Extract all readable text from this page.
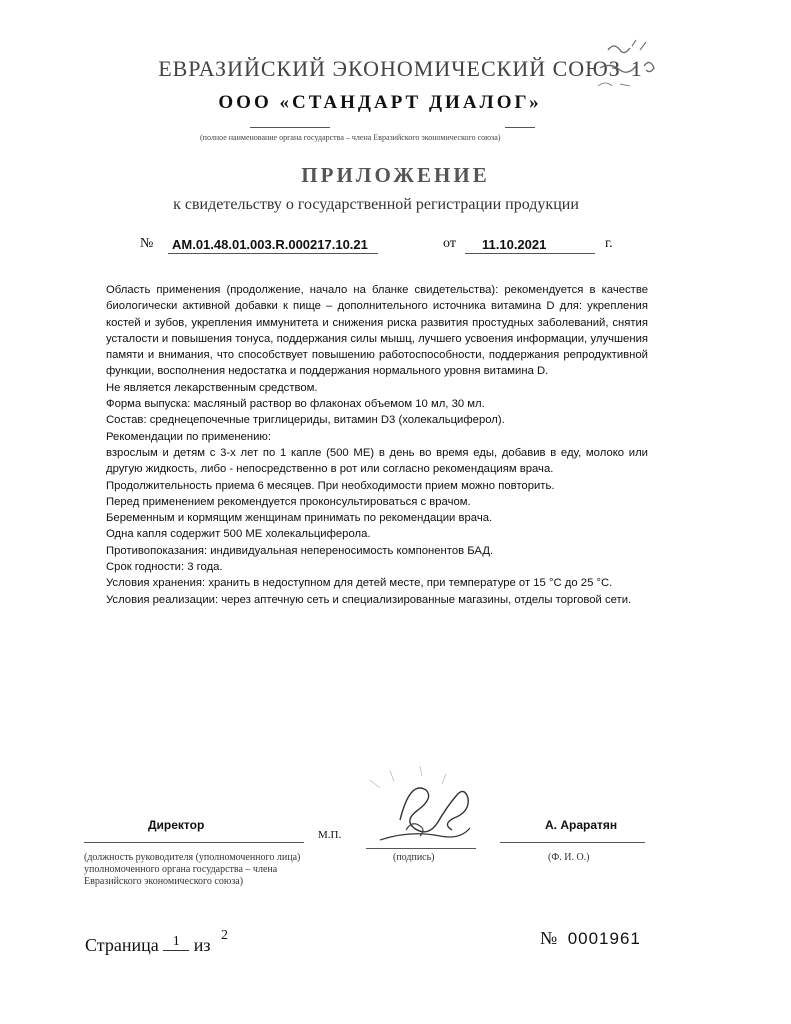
ЕВРАЗИЙСКИЙ ЭКОНОМИЧЕСКИЙ СОЮЗ 1
ООО «СТАНДАРТ ДИАЛОГ»
(полное наименование органа государства – члена Евразийского экономического союза)
ПРИЛОЖЕНИЕ
к свидетельству о государственной регистрации продукции
№ AM.01.48.01.003.R.000217.10.21	от 11.10.2021	г.

Область применения (продолжение, начало на бланке свидетельства): рекомендуется в качестве биологически активной добавки к пище – дополнительного источника витамина D для: укрепления костей и зубов, укрепления иммунитета и снижения риска развития простудных заболеваний, снятия усталости и повышения тонуса, поддержания силы мышц, лучшего усвоения информации, улучшения памяти и внимания, что способствует повышению работоспособности, поддержания репродуктивной функции, восполнения недостатка и поддержания нормального уровня витамина D.

Не является лекарственным средством.

Форма выпуска: масляный раствор во флаконах объемом 10 мл, 30 мл.

Состав: среднецепочечные триглицериды, витамин D3 (холекальциферол).

Рекомендации по применению:

взрослым и детям с 3-х лет по 1 капле (500 МЕ) в день во время еды, добавив в еду, молоко или другую жидкость, либо - непосредственно в рот или согласно рекомендациям врача.

Продолжительность приема 6 месяцев. При необходимости прием можно повторить.

Перед применением рекомендуется проконсультироваться с врачом.

Беременным и кормящим женщинам принимать по рекомендации врача.

Одна капля содержит 500 МЕ холекальциферола.

Противопоказания: индивидуальная непереносимость компонентов БАД.

Срок годности: 3 года.

Условия хранения: хранить в недоступном для детей месте, при температуре от 15 °С до 25 °С.

Условия реализации: через аптечную сеть и специализированные магазины, отделы торговой сети.

Директор
(должность руководителя (уполномоченного лица) уполномоченного органа государства – члена Евразийского экономического союза)
М.П.
(подпись)
А. Араратян
(Ф. И. О.)
Страница 1 из $^2$	№ 0001961
